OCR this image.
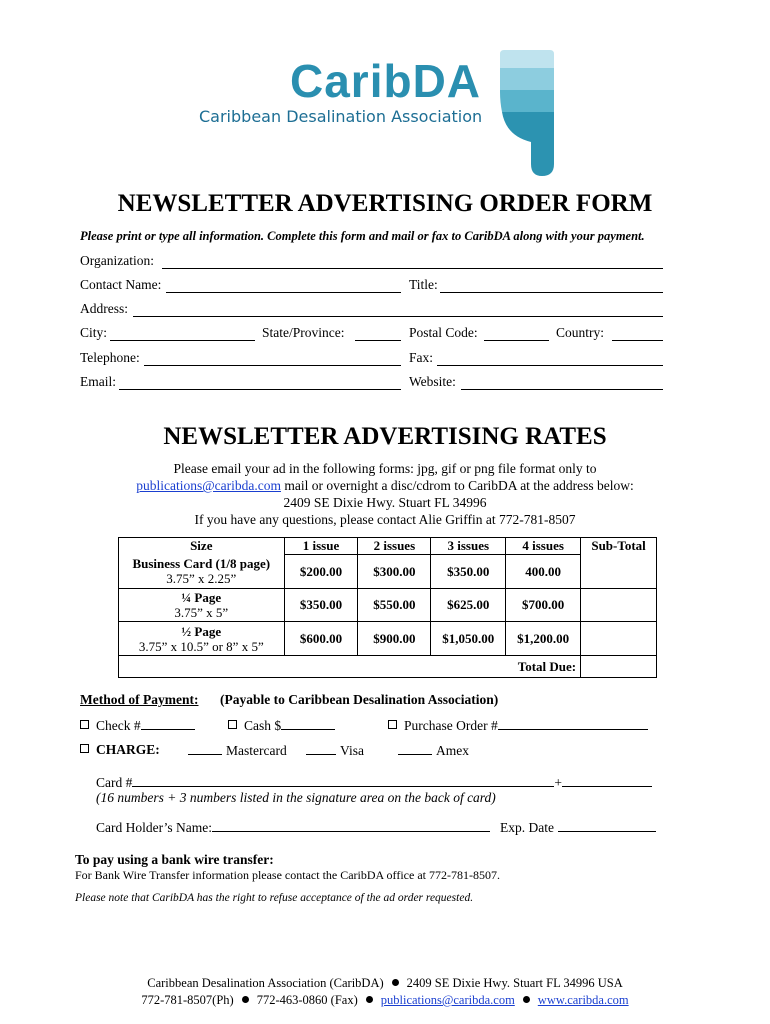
CaribDA
Caribbean Desalination Association
NEWSLETTER ADVERTISING ORDER FORM
Please print or type all information. Complete this form and mail or fax to CaribDA along with your payment.
Organization:
Contact Name:	Title:
Address:
City:	State/Province:	Postal Code:	Country:
Telephone:	Fax:
Email:	Website:
NEWSLETTER ADVERTISING RATES
Please email your ad in the following forms: jpg, gif or png file format only to
publications@caribda.com mail or overnight a disc/cdrom to CaribDA at the address below:
2409 SE Dixie Hwy. Stuart FL 34996
If you have any questions, please contact Alie Griffin at 772-781-8507
Size	1 issue	2 issues	3 issues	4 issues	Sub-Total
Business Card (1/8 page)
3.75” x 2.25”	$200.00	$300.00	$350.00	400.00	
¼ Page
3.75” x 5”	$350.00	$550.00	$625.00	$700.00	
½ Page
3.75” x 10.5” or 8” x 5”	$600.00	$900.00	$1,050.00	$1,200.00	
Total Due:					
Method of Payment: (Payable to Caribbean Desalination Association)
Check #	Cash $	Purchase Order #
CHARGE:	Mastercard	Visa	Amex
Card #	+
(16 numbers + 3 numbers listed in the signature area on the back of card)
Card Holder’s Name:	Exp. Date
To pay using a bank wire transfer:
For Bank Wire Transfer information please contact the CaribDA office at 772-781-8507.
Please note that CaribDA has the right to refuse acceptance of the ad order requested.
Caribbean Desalination Association (CaribDA) 2409 SE Dixie Hwy. Stuart FL 34996 USA
772-781-8507(Ph) 772-463-0860 (Fax) publications@caribda.com www.caribda.com
